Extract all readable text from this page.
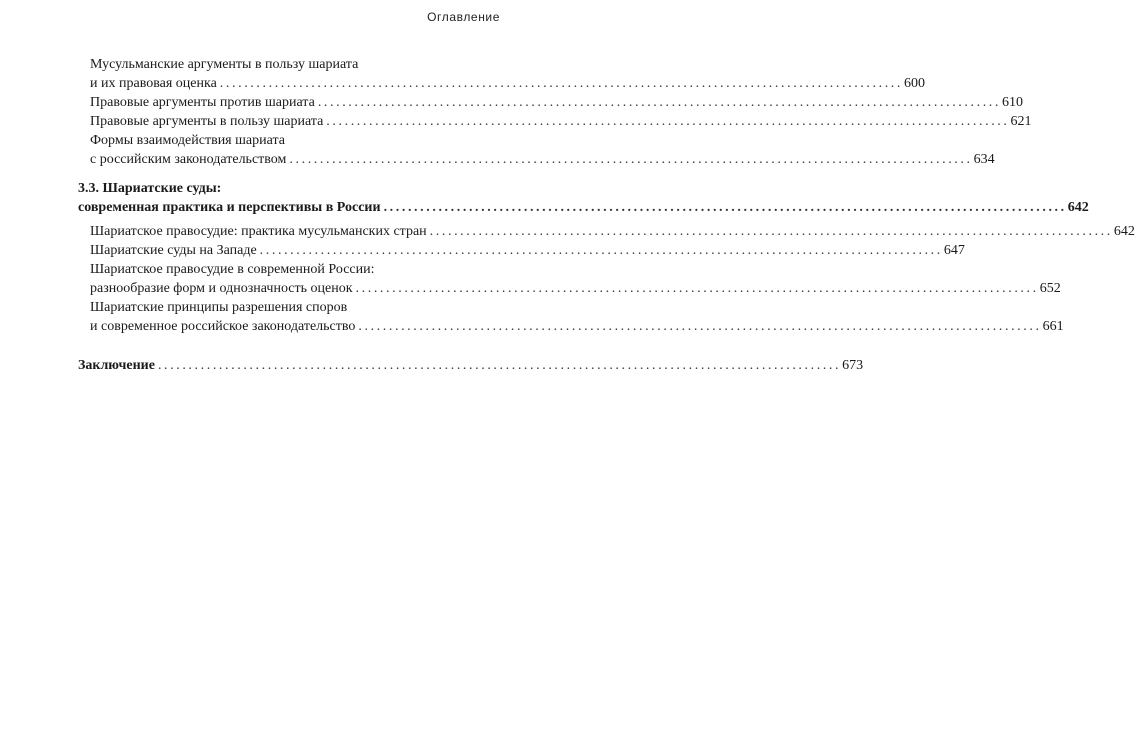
Оглавление
Мусульманские аргументы в пользу шариата
и их правовая оценка ................................................................................................................ 600
Правовые аргументы против шариата ................................................................................................................ 610
Правовые аргументы в пользу шариата ................................................................................................................ 621
Формы взаимодействия шариата
с российским законодательством ................................................................................................................ 634
3.3. Шариатские суды:
современная практика и перспективы в России ................................................................................................................ 642
Шариатское правосудие: практика мусульманских стран ................................................................................................................ 642
Шариатские суды на Западе ................................................................................................................ 647
Шариатское правосудие в современной России:
разнообразие форм и однозначность оценок ................................................................................................................ 652
Шариатские принципы разрешения споров
и современное российское законодательство ................................................................................................................ 661
Заключение ................................................................................................................ 673
